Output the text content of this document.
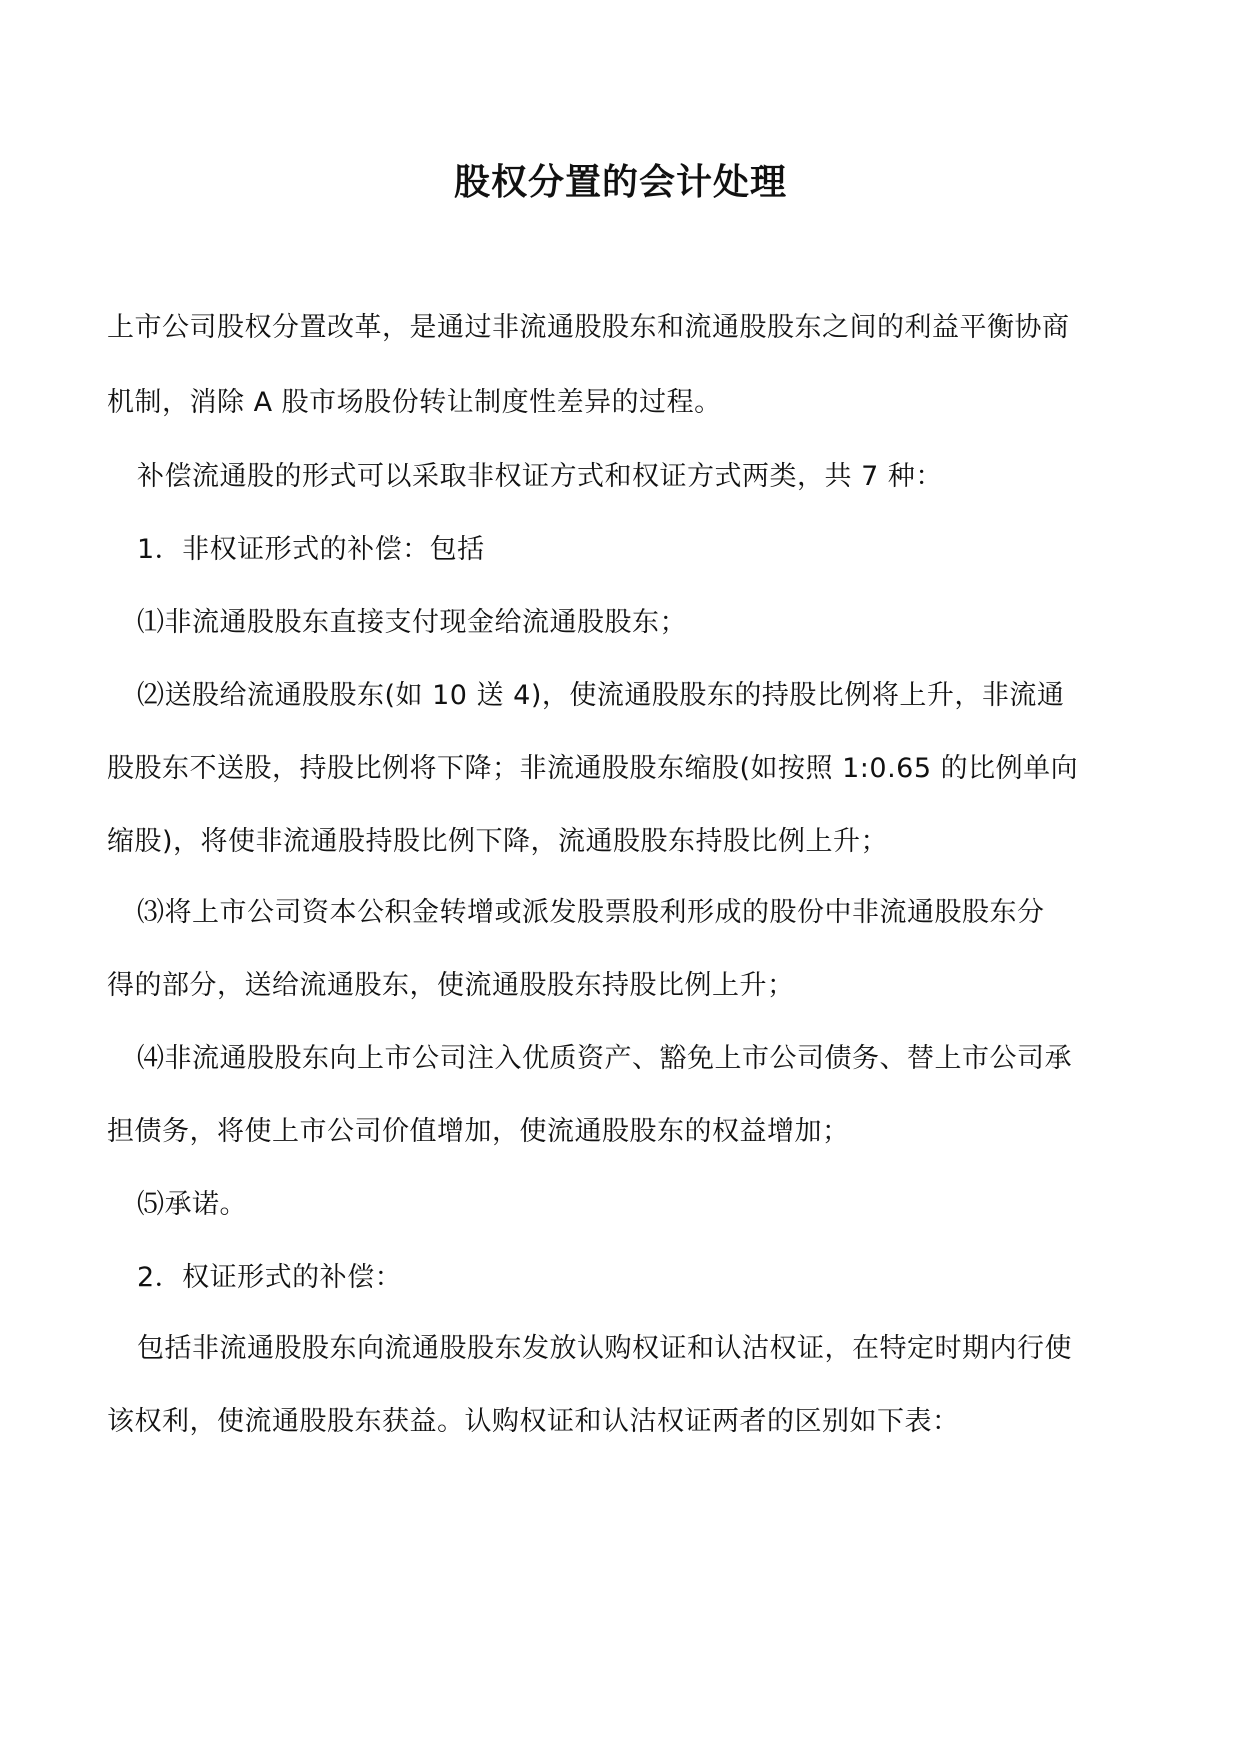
股权分置的会计处理

上市公司股权分置改革，是通过非流通股股东和流通股股东之间的利益平衡协商

机制，消除 A 股市场股份转让制度性差异的过程。

补偿流通股的形式可以采取非权证方式和权证方式两类，共 7 种：

1．非权证形式的补偿：包括

⑴非流通股股东直接支付现金给流通股股东；

⑵送股给流通股股东(如 10 送 4)，使流通股股东的持股比例将上升，非流通

股股东不送股，持股比例将下降；非流通股股东缩股(如按照 1:0.65 的比例单向

缩股)，将使非流通股持股比例下降，流通股股东持股比例上升；

⑶将上市公司资本公积金转增或派发股票股利形成的股份中非流通股股东分

得的部分，送给流通股东，使流通股股东持股比例上升；

⑷非流通股股东向上市公司注入优质资产、豁免上市公司债务、替上市公司承

担债务，将使上市公司价值增加，使流通股股东的权益增加；

⑸承诺。

2．权证形式的补偿：

包括非流通股股东向流通股股东发放认购权证和认沽权证，在特定时期内行使

该权利，使流通股股东获益。认购权证和认沽权证两者的区别如下表：
